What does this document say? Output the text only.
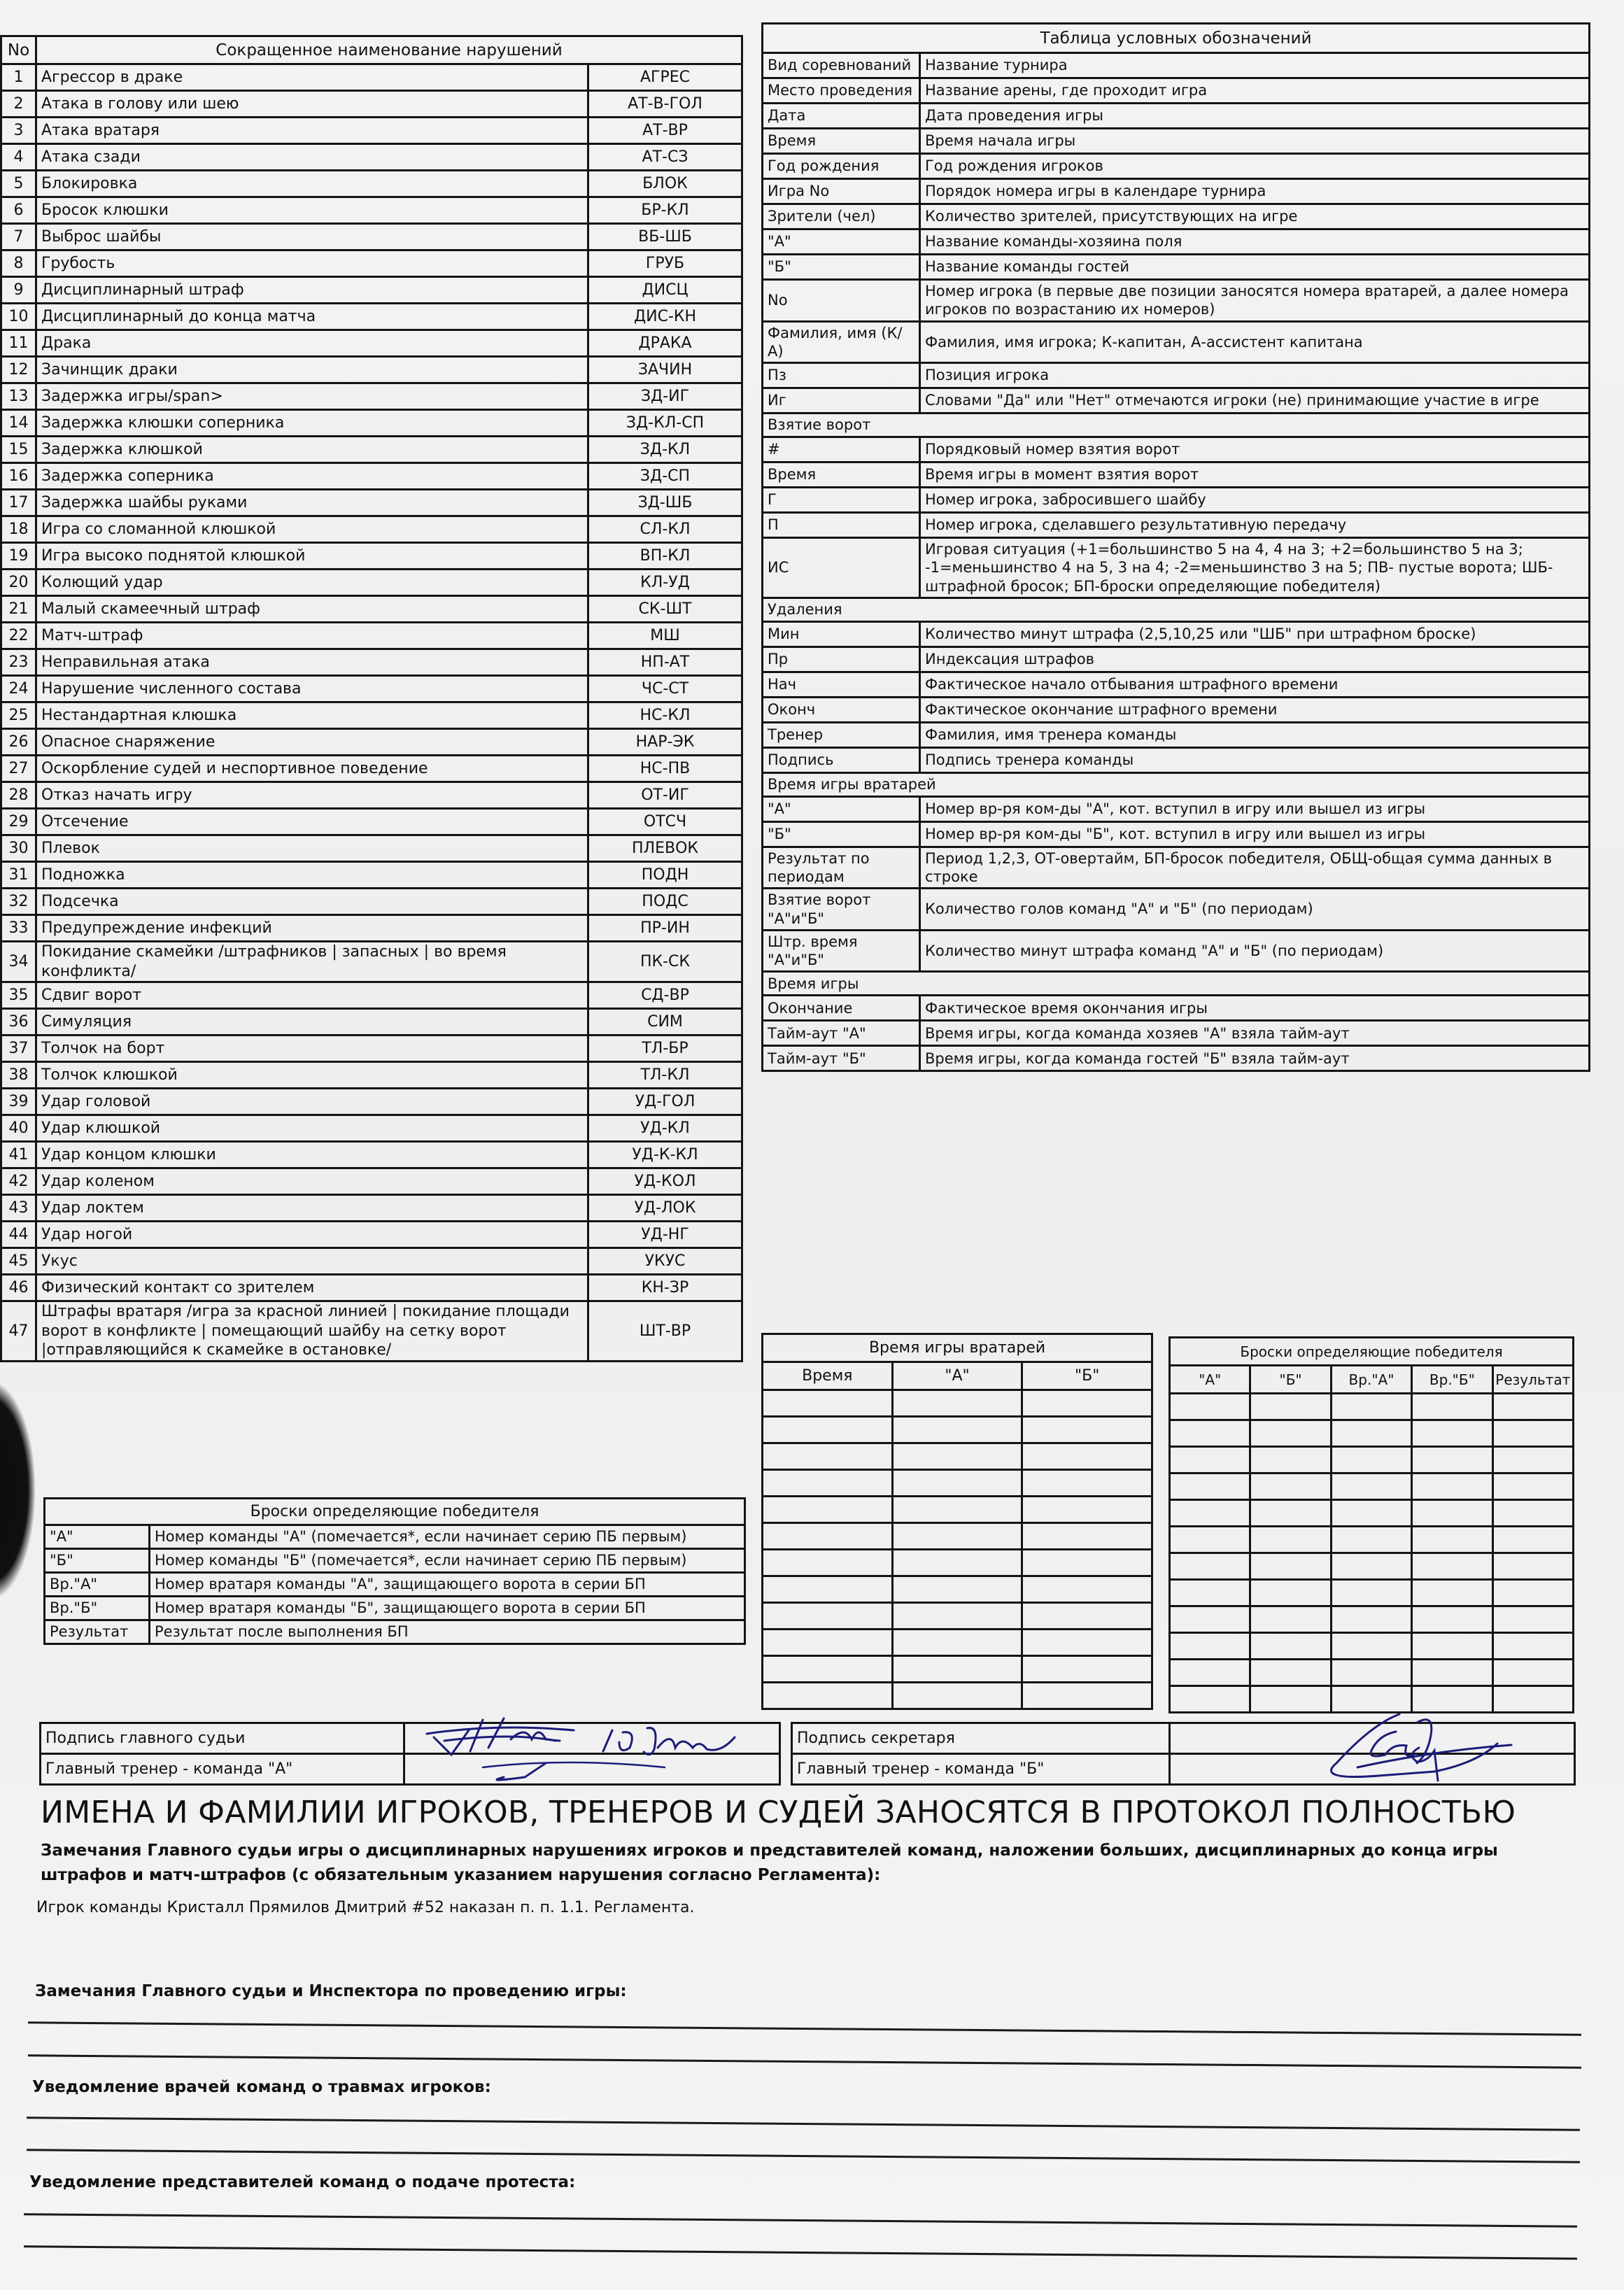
No	Сокращенное наименование нарушений	
1	Агрессор в драке	АГРЕС
2	Атака в голову или шею	АТ-В-ГОЛ
3	Атака вратаря	АТ-ВР
4	Атака сзади	АТ-СЗ
5	Блокировка	БЛОК
6	Бросок клюшки	БР-КЛ
7	Выброс шайбы	ВБ-ШБ
8	Грубость	ГРУБ
9	Дисциплинарный штраф	ДИСЦ
10	Дисциплинарный до конца матча	ДИС-КН
11	Драка	ДРАКА
12	Зачинщик драки	ЗАЧИН
13	Задержка игры/span>	ЗД-ИГ
14	Задержка клюшки соперника	ЗД-КЛ-СП
15	Задержка клюшкой	ЗД-КЛ
16	Задержка соперника	ЗД-СП
17	Задержка шайбы руками	ЗД-ШБ
18	Игра со сломанной клюшкой	СЛ-КЛ
19	Игра высоко поднятой клюшкой	ВП-КЛ
20	Колющий удар	КЛ-УД
21	Малый скамеечный штраф	СК-ШТ
22	Матч-штраф	МШ
23	Неправильная атака	НП-АТ
24	Нарушение численного состава	ЧС-СТ
25	Нестандартная клюшка	НС-КЛ
26	Опасное снаряжение	НАР-ЭК
27	Оскорбление судей и неспортивное поведение	НС-ПВ
28	Отказ начать игру	ОТ-ИГ
29	Отсечение	ОТСЧ
30	Плевок	ПЛЕВОК
31	Подножка	ПОДН
32	Подсечка	ПОДС
33	Предупреждение инфекций	ПР-ИН
34	Покидание скамейки /штрафников | запасных | во время конфликта/	ПК-СК
35	Сдвиг ворот	СД-ВР
36	Симуляция	СИМ
37	Толчок на борт	ТЛ-БР
38	Толчок клюшкой	ТЛ-КЛ
39	Удар головой	УД-ГОЛ
40	Удар клюшкой	УД-КЛ
41	Удар концом клюшки	УД-К-КЛ
42	Удар коленом	УД-КОЛ
43	Удар локтем	УД-ЛОК
44	Удар ногой	УД-НГ
45	Укус	УКУС
46	Физический контакт со зрителем	КН-ЗР
47	Штрафы вратаря /игра за красной линией | покидание площади
ворот в конфликте | помещающий шайбу на сетку ворот
|отправляющийся к скамейке в остановке/	ШТ-ВР
Таблица условных обозначений	
Вид соревнований	Название турнира
Место проведения	Название арены, где проходит игра
Дата	Дата проведения игры
Время	Время начала игры
Год рождения	Год рождения игроков
Игра No	Порядок номера игры в календаре турнира
Зрители (чел)	Количество зрителей, присутствующих на игре
"А"	Название команды-хозяина поля
"Б"	Название команды гостей
No	Номер игрока (в первые две позиции заносятся номера вратарей, а далее номера игроков по возрастанию их номеров)
Фамилия, имя (К/А)	Фамилия, имя игрока; К-капитан, А-ассистент капитана
Пз	Позиция игрока
Иг	Словами "Да" или "Нет" отмечаются игроки (не) принимающие участие в игре
Взятие ворот	
#	Порядковый номер взятия ворот
Время	Время игры в момент взятия ворот
Г	Номер игрока, забросившего шайбу
П	Номер игрока, сделавшего результативную передачу
ИС	Игровая ситуация (+1=большинство 5 на 4, 4 на 3; +2=большинство 5 на 3; -1=меньшинство 4 на 5, 3 на 4; -2=меньшинство 3 на 5; ПВ- пустые ворота; ШБ-штрафной бросок; БП-броски определяющие победителя)
Удаления	
Мин	Количество минут штрафа (2,5,10,25 или "ШБ" при штрафном броске)
Пр	Индексация штрафов
Нач	Фактическое начало отбывания штрафного времени
Оконч	Фактическое окончание штрафного времени
Тренер	Фамилия, имя тренера команды
Подпись	Подпись тренера команды
Время игры вратарей	
"А"	Номер вр-ря ком-ды "А", кот. вступил в игру или вышел из игры
"Б"	Номер вр-ря ком-ды "Б", кот. вступил в игру или вышел из игры
Результат по периодам	Период 1,2,3, ОТ-овертайм, БП-бросок победителя, ОБЩ-общая сумма данных в строке
Взятие ворот "А"и"Б"	Количество голов команд "А" и "Б" (по периодам)
Штр. время "А"и"Б"	Количество минут штрафа команд "А" и "Б" (по периодам)
Время игры	
Окончание	Фактическое время окончания игры
Тайм-аут "А"	Время игры, когда команда хозяев "А" взяла тайм-аут
Тайм-аут "Б"	Время игры, когда команда гостей "Б" взяла тайм-аут
Время игры вратарей		
Время	"А"	"Б"

Броски определяющие победителя				
"А"	"Б"	Вр."А"	Вр."Б"	Результат

Броски определяющие победителя	
"А"	Номер команды "А" (помечается*, если начинает серию ПБ первым)
"Б"	Номер команды "Б" (помечается*, если начинает серию ПБ первым)
Вр."А"	Номер вратаря команды "А", защищающего ворота в серии БП
Вр."Б"	Номер вратаря команды "Б", защищающего ворота в серии БП
Результат	Результат после выполнения БП
Подпись главного судьи	
Главный тренер - команда "А"	
Подпись секретаря	
Главный тренер - команда "Б"	
ИМЕНА И ФАМИЛИИ ИГРОКОВ, ТРЕНЕРОВ И СУДЕЙ ЗАНОСЯТСЯ В ПРОТОКОЛ ПОЛНОСТЬЮ
Замечания Главного судьи игры о дисциплинарных нарушениях игроков и представителей команд, наложении больших, дисциплинарных до конца игры штрафов и матч-штрафов (с обязательным указанием нарушения согласно Регламента):
Игрок команды Кристалл Прямилов Дмитрий #52 наказан п. п. 1.1. Регламента.
Замечания Главного судьи и Инспектора по проведению игры:
Уведомление врачей команд о травмах игроков:
Уведомление представителей команд о подаче протеста:
